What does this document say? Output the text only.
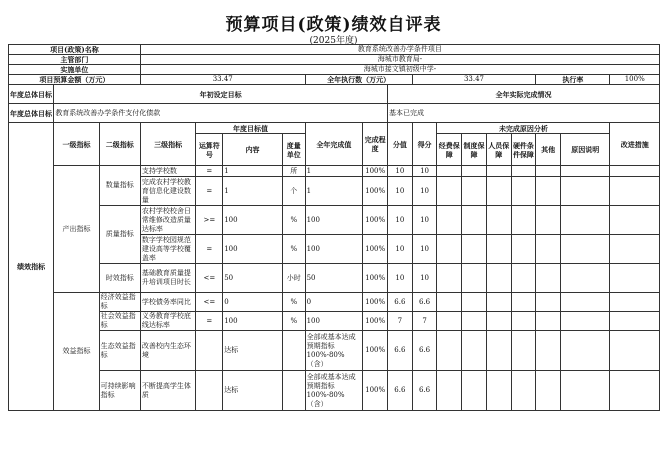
预算项目(政策)绩效自评表
(2025年度)
项目(政策)名称			教育系统改善办学条件项目														
主管部门			海城市教育局-														
实施单位			海城市接文镇初级中学-														
项目预算金额（万元）			33.47				全年执行数（万元）			33.47					执行率		100%
年度总体目标	年初设定目标								全年实际完成情况								
年度总体目标	教育系统改善办学条件支付化债款								基本已完成								
绩效指标	一级指标	二级指标	三级指标	年度目标值			全年完成值	完成程度	分值	得分	未完成原因分析						改进措施
				运算符号	内容	度量单位					经费保障	制度保障	人员保障	硬件条件保障	其他	原因说明	
	产出指标	数量指标	支持学校数	=	1	所	1	100%	10	10							
			完成农村学校教育信息化建设数量	=	1	个	1	100%	10	10							
		质量指标	农村学校校舍日常维修改造质量达标率	>=	100	%	100	100%	10	10							
			数字学校园规范建设高等学校覆盖率	=	100	%	100	100%	10	10							
		时效指标	基础教育质量提升培训项目时长	<=	50	小时	50	100%	10	10							
	效益指标	经济效益指标	学校债务率同比	<=	0	%	0	100%	6.6	6.6							
		社会效益指标	义务教育学校底线达标率	=	100	%	100	100%	7	7							
		生态效益指标	改善校内生态环境		达标		全部或基本达成预期指标100%-80%（含）	100%	6.6	6.6							
		可持续影响指标	不断提高学生体质		达标		全部或基本达成预期指标100%-80%（含）	100%	6.6	6.6							
